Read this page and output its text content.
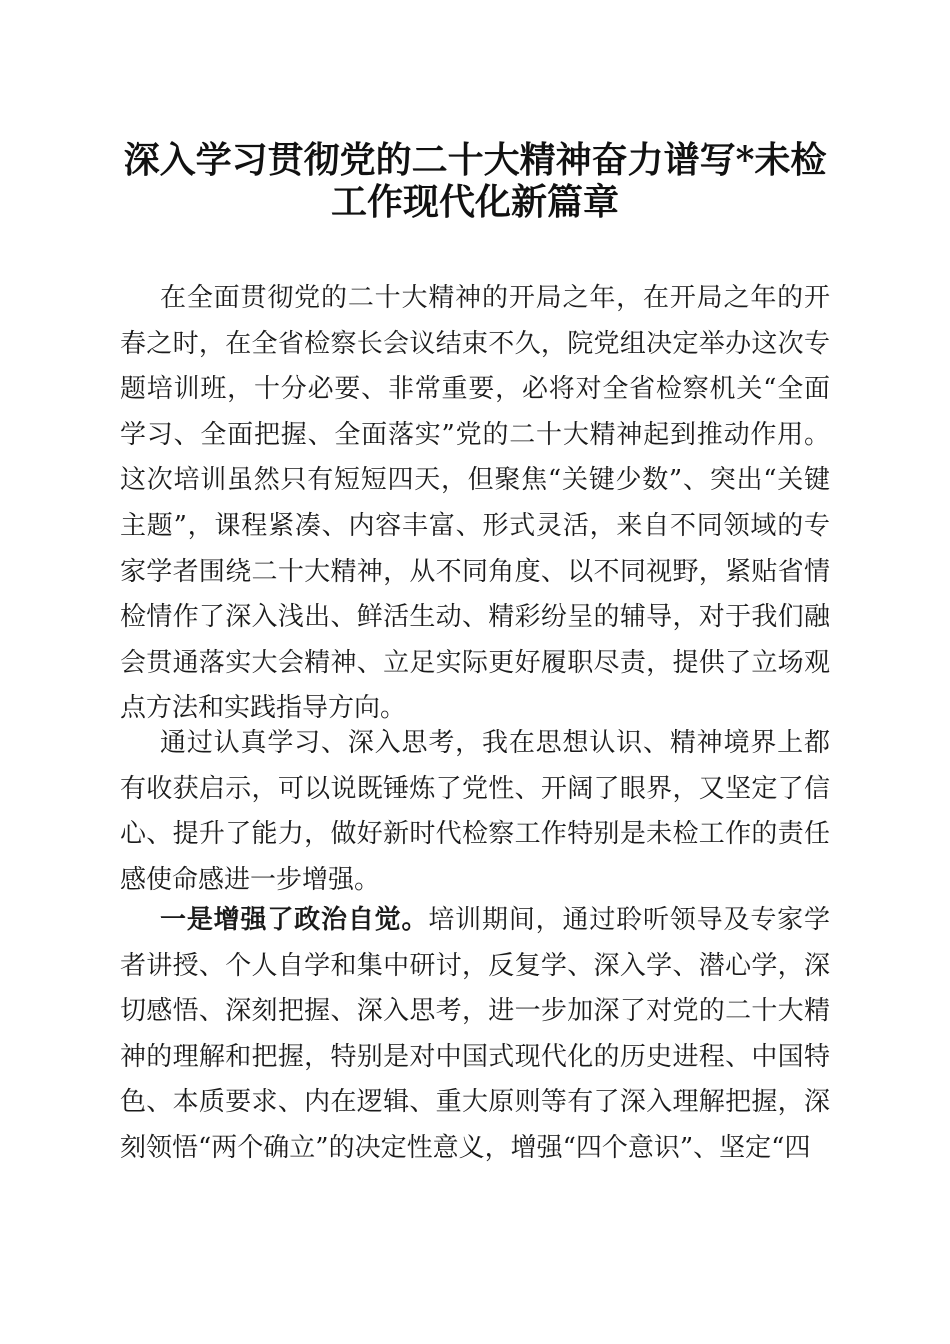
深入学习贯彻党的二十大精神奋力谱写*未检
工作现代化新篇章

在全面贯彻党的二十大精神的开局之年，在开局之年的开春之时，在全省检察长会议结束不久，院党组决定举办这次专题培训班，十分必要、非常重要，必将对全省检察机关“全面学习、全面把握、全面落实”党的二十大精神起到推动作用。这次培训虽然只有短短四天，但聚焦“关键少数”、突出“关键主题”，课程紧凑、内容丰富、形式灵活，来自不同领域的专家学者围绕二十大精神，从不同角度、以不同视野，紧贴省情检情作了深入浅出、鲜活生动、精彩纷呈的辅导，对于我们融会贯通落实大会精神、立足实际更好履职尽责，提供了立场观点方法和实践指导方向。

通过认真学习、深入思考，我在思想认识、精神境界上都有收获启示，可以说既锤炼了党性、开阔了眼界，又坚定了信心、提升了能力，做好新时代检察工作特别是未检工作的责任感使命感进一步增强。

一是增强了政治自觉。培训期间，通过聆听领导及专家学者讲授、个人自学和集中研讨，反复学、深入学、潜心学，深切感悟、深刻把握、深入思考，进一步加深了对党的二十大精神的理解和把握，特别是对中国式现代化的历史进程、中国特色、本质要求、内在逻辑、重大原则等有了深入理解把握，深刻领悟“两个确立”的决定性意义，增强“四个意识”、坚定“四
